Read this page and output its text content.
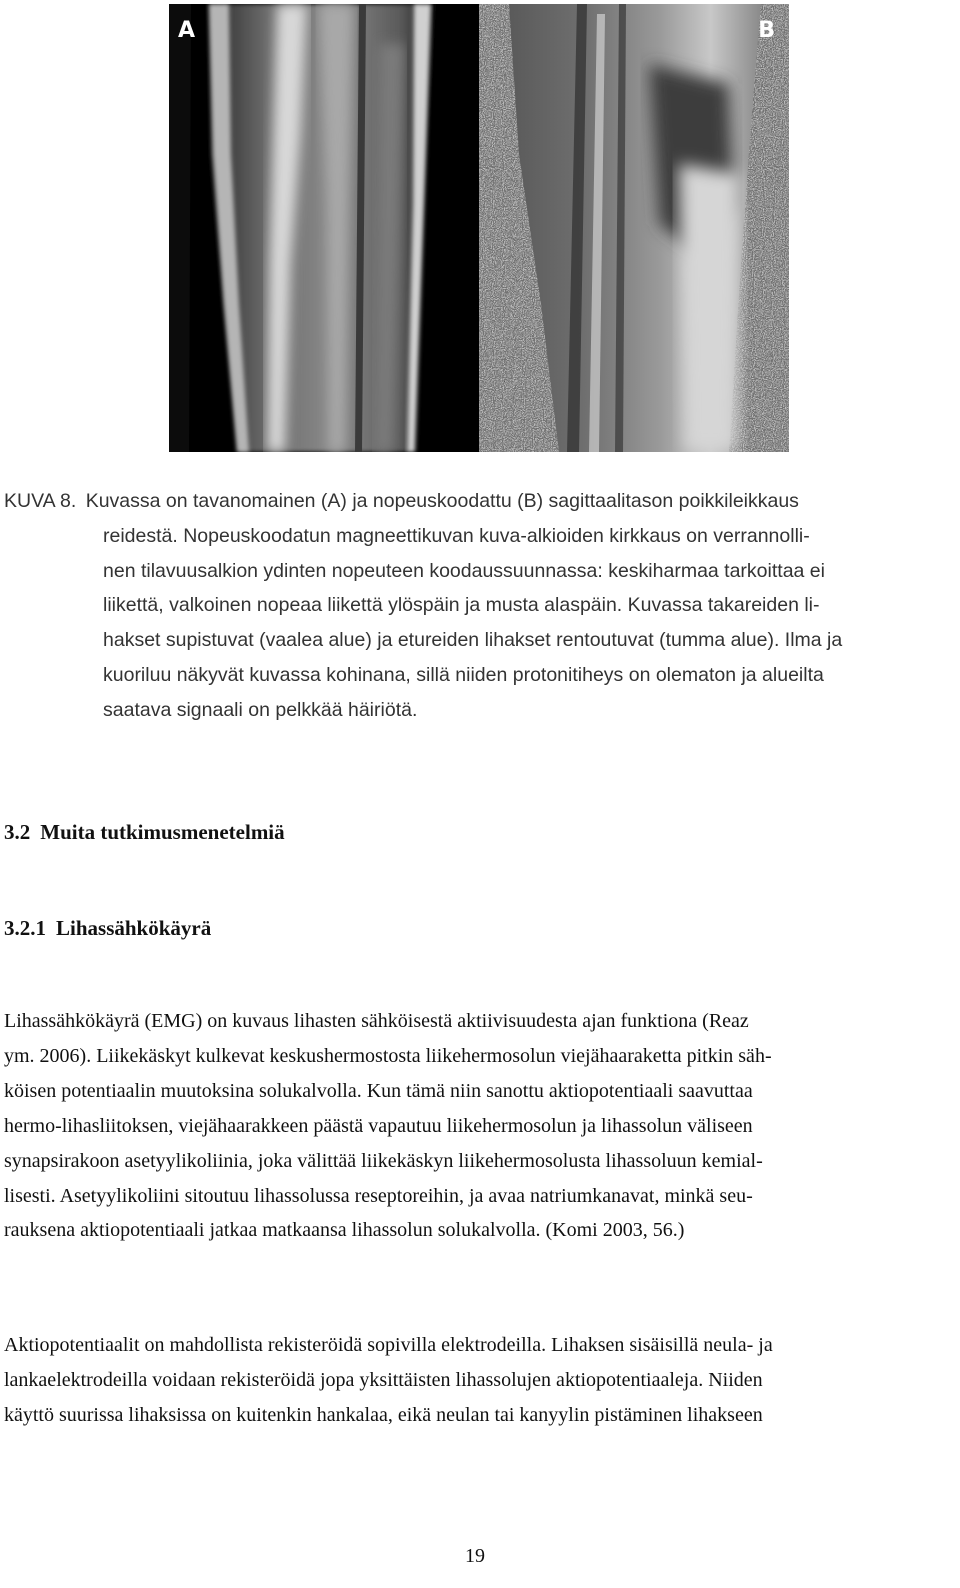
A	B

KUVA 8. Kuvassa on tavanomainen (A) ja nopeuskoodattu (B) sagittaalitason poikkileikkaus
reidestä. Nopeuskoodatun magneettikuvan kuva-alkioiden kirkkaus on verrannolli-
nen tilavuusalkion ydinten nopeuteen koodaussuunnassa: keskiharmaa tarkoittaa ei
liikettä, valkoinen nopeaa liikettä ylöspäin ja musta alaspäin. Kuvassa takareiden li-
hakset supistuvat (vaalea alue) ja etureiden lihakset rentoutuvat (tumma alue). Ilma ja
kuoriluu näkyvät kuvassa kohinana, sillä niiden protonitiheys on olematon ja alueilta
saatava signaali on pelkkää häiriötä.

3.2 Muita tutkimusmenetelmiä
3.2.1 Lihassähkökäyrä

Lihassähkökäyrä (EMG) on kuvaus lihasten sähköisestä aktiivisuudesta ajan funktiona (Reaz
ym. 2006). Liikekäskyt kulkevat keskushermostosta liikehermosolun viejähaaraketta pitkin säh-
köisen potentiaalin muutoksina solukalvolla. Kun tämä niin sanottu aktiopotentiaali saavuttaa
hermo-lihasliitoksen, viejähaarakkeen päästä vapautuu liikehermosolun ja lihassolun väliseen
synapsirakoon asetyylikoliinia, joka välittää liikekäskyn liikehermosolusta lihassoluun kemial-
lisesti. Asetyylikoliini sitoutuu lihassolussa reseptoreihin, ja avaa natriumkanavat, minkä seu-
rauksena aktiopotentiaali jatkaa matkaansa lihassolun solukalvolla. (Komi 2003, 56.)

Aktiopotentiaalit on mahdollista rekisteröidä sopivilla elektrodeilla. Lihaksen sisäisillä neula- ja
lankaelektrodeilla voidaan rekisteröidä jopa yksittäisten lihassolujen aktiopotentiaaleja. Niiden
käyttö suurissa lihaksissa on kuitenkin hankalaa, eikä neulan tai kanyylin pistäminen lihakseen

19
